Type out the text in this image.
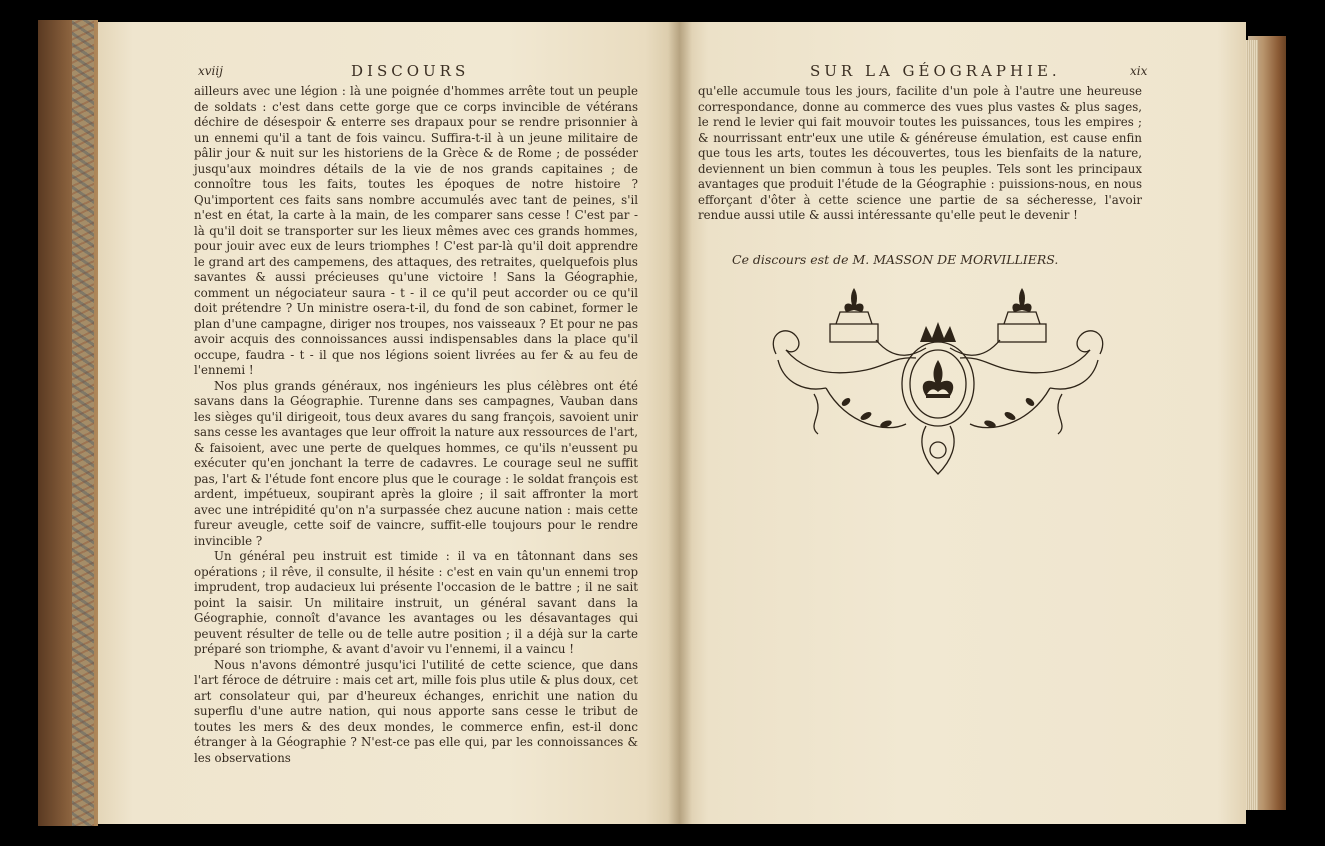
xviij	DISCOURS

ailleurs avec une légion : là une poignée d'hommes arrête tout un peuple de soldats : c'est dans cette gorge que ce corps invincible de vétérans déchire de désespoir & enterre ses drapaux pour se rendre prisonnier à un ennemi qu'il a tant de fois vaincu. Suffira-t-il à un jeune militaire de pâlir jour & nuit sur les historiens de la Grèce & de Rome ; de posséder jusqu'aux moindres détails de la vie de nos grands capitaines ; de connoître tous les faits, toutes les époques de notre histoire ? Qu'importent ces faits sans nombre accumulés avec tant de peines, s'il n'est en état, la carte à la main, de les comparer sans cesse ! C'est par - là qu'il doit se transporter sur les lieux mêmes avec ces grands hommes, pour jouir avec eux de leurs triomphes ! C'est par-là qu'il doit apprendre le grand art des campemens, des attaques, des retraites, quelquefois plus savantes & aussi précieuses qu'une victoire ! Sans la Géographie, comment un négociateur saura - t - il ce qu'il peut accorder ou ce qu'il doit prétendre ? Un ministre osera-t-il, du fond de son cabinet, former le plan d'une campagne, diriger nos troupes, nos vaisseaux ? Et pour ne pas avoir acquis des connoissances aussi indispensables dans la place qu'il occupe, faudra - t - il que nos légions soient livrées au fer & au feu de l'ennemi !

Nos plus grands généraux, nos ingénieurs les plus célèbres ont été savans dans la Géographie. Turenne dans ses campagnes, Vauban dans les sièges qu'il dirigeoit, tous deux avares du sang françois, savoient unir sans cesse les avantages que leur offroit la nature aux ressources de l'art, & faisoient, avec une perte de quelques hommes, ce qu'ils n'eussent pu exécuter qu'en jonchant la terre de cadavres. Le courage seul ne suffit pas, l'art & l'étude font encore plus que le courage : le soldat françois est ardent, impétueux, soupirant après la gloire ; il sait affronter la mort avec une intrépidité qu'on n'a surpassée chez aucune nation : mais cette fureur aveugle, cette soif de vaincre, suffit-elle toujours pour le rendre invincible ?

Un général peu instruit est timide : il va en tâtonnant dans ses opérations ; il rêve, il consulte, il hésite : c'est en vain qu'un ennemi trop imprudent, trop audacieux lui présente l'occasion de le battre ; il ne sait point la saisir. Un militaire instruit, un général savant dans la Géographie, connoît d'avance les avantages ou les désavantages qui peuvent résulter de telle ou de telle autre position ; il a déjà sur la carte préparé son triomphe, & avant d'avoir vu l'ennemi, il a vaincu !

Nous n'avons démontré jusqu'ici l'utilité de cette science, que dans l'art féroce de détruire : mais cet art, mille fois plus utile & plus doux, cet art consolateur qui, par d'heureux échanges, enrichit une nation du superflu d'une autre nation, qui nous apporte sans cesse le tribut de toutes les mers & des deux mondes, le commerce enfin, est-il donc étranger à la Géographie ? N'est-ce pas elle qui, par les connoissances & les observations

SUR LA GÉOGRAPHIE.	xix

qu'elle accumule tous les jours, facilite d'un pole à l'autre une heureuse correspondance, donne au commerce des vues plus vastes & plus sages, le rend le levier qui fait mouvoir toutes les puissances, tous les empires ; & nourrissant entr'eux une utile & généreuse émulation, est cause enfin que tous les arts, toutes les découvertes, tous les bienfaits de la nature, deviennent un bien commun à tous les peuples. Tels sont les principaux avantages que produit l'étude de la Géographie : puissions-nous, en nous efforçant d'ôter à cette science une partie de sa sécheresse, l'avoir rendue aussi utile & aussi intéressante qu'elle peut le devenir !

Ce discours est de M. MASSON DE MORVILLIERS.
